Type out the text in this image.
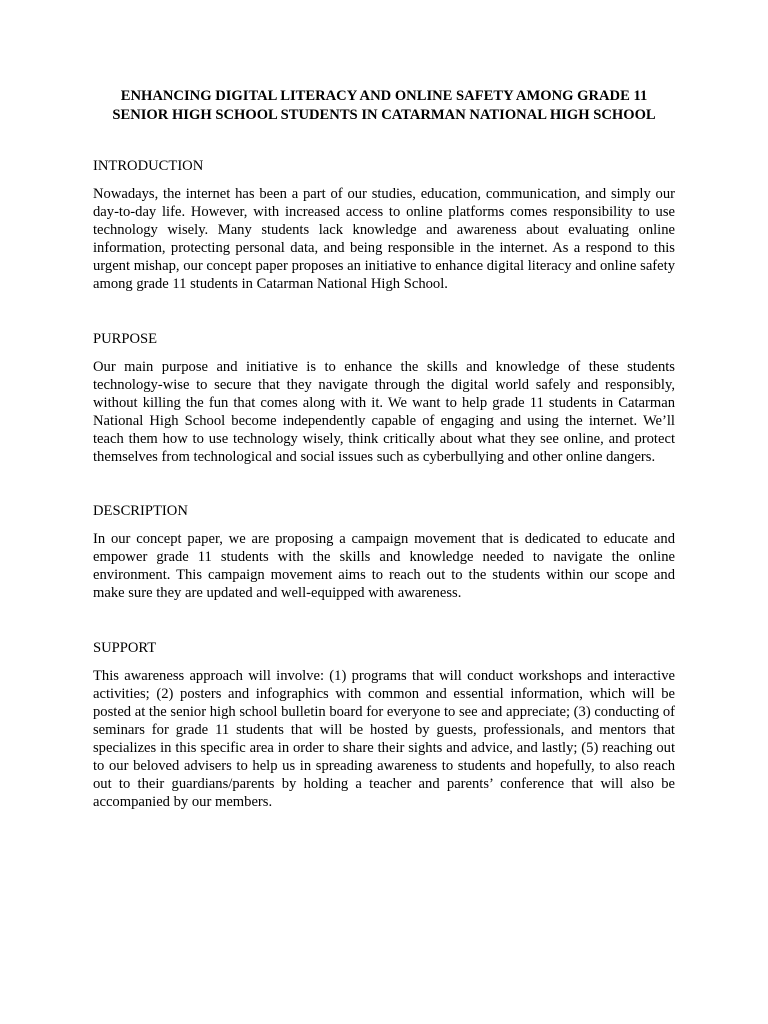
ENHANCING DIGITAL LITERACY AND ONLINE SAFETY AMONG GRADE 11
SENIOR HIGH SCHOOL STUDENTS IN CATARMAN NATIONAL HIGH SCHOOL
INTRODUCTION

Nowadays, the internet has been a part of our studies, education, communication, and simply our day-to-day life. However, with increased access to online platforms comes responsibility to use technology wisely. Many students lack knowledge and awareness about evaluating online information, protecting personal data, and being responsible in the internet. As a respond to this urgent mishap, our concept paper proposes an initiative to enhance digital literacy and online safety among grade 11 students in Catarman National High School.

PURPOSE

Our main purpose and initiative is to enhance the skills and knowledge of these students technology-wise to secure that they navigate through the digital world safely and responsibly, without killing the fun that comes along with it. We want to help grade 11 students in Catarman National High School become independently capable of engaging and using the internet. We’ll teach them how to use technology wisely, think critically about what they see online, and protect themselves from technological and social issues such as cyberbullying and other online dangers.

DESCRIPTION

In our concept paper, we are proposing a campaign movement that is dedicated to educate and empower grade 11 students with the skills and knowledge needed to navigate the online environment. This campaign movement aims to reach out to the students within our scope and make sure they are updated and well-equipped with awareness.

SUPPORT

This awareness approach will involve: (1) programs that will conduct workshops and interactive activities; (2) posters and infographics with common and essential information, which will be posted at the senior high school bulletin board for everyone to see and appreciate; (3) conducting of seminars for grade 11 students that will be hosted by guests, professionals, and mentors that specializes in this specific area in order to share their sights and advice, and lastly; (5) reaching out to our beloved advisers to help us in spreading awareness to students and hopefully, to also reach out to their guardians/parents by holding a teacher and parents’ conference that will also be accompanied by our members.
